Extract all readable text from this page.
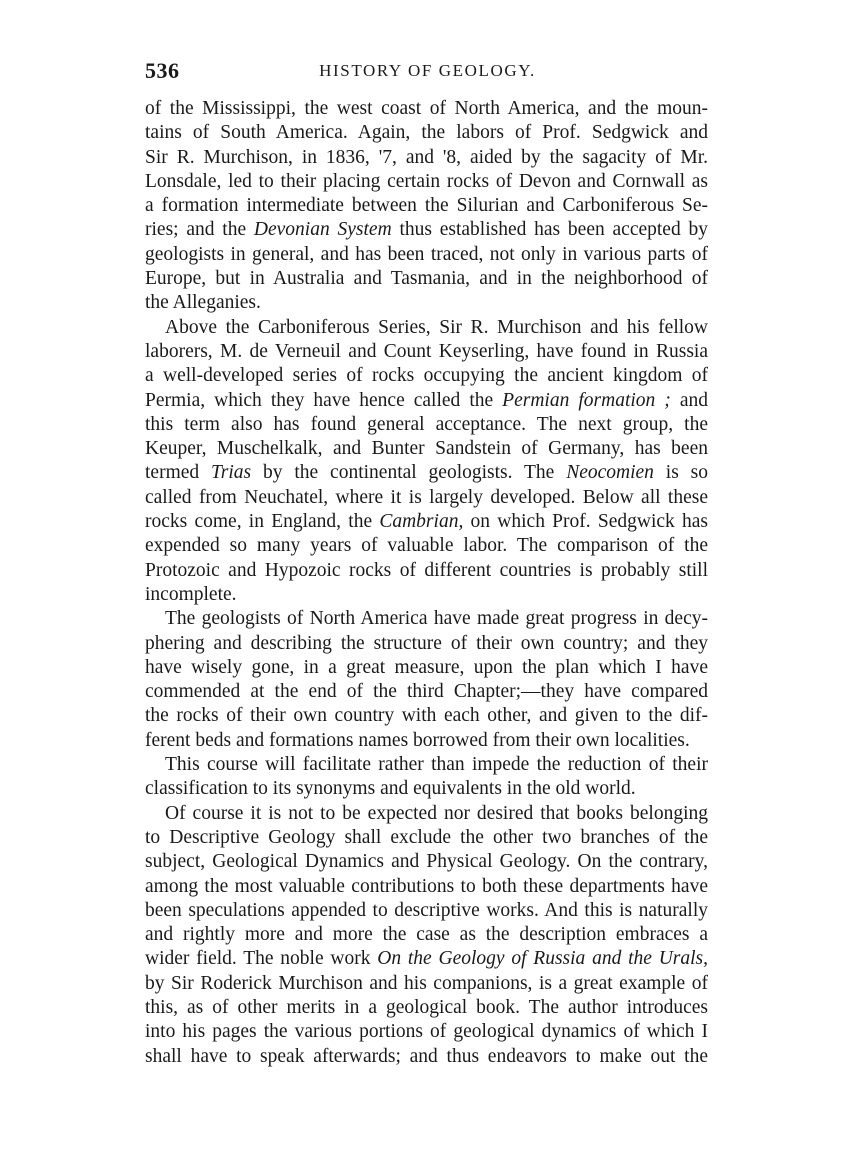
536	HISTORY OF GEOLOGY.
of the Mississippi, the west coast of North America, and the moun-
tains of South America. Again, the labors of Prof. Sedgwick and
Sir R. Murchison, in 1836, '7, and '8, aided by the sagacity of Mr.
Lonsdale, led to their placing certain rocks of Devon and Cornwall as
a formation intermediate between the Silurian and Carboniferous Se-
ries; and the Devonian System thus established has been accepted by
geologists in general, and has been traced, not only in various parts of
Europe, but in Australia and Tasmania, and in the neighborhood of
the Alleganies.
Above the Carboniferous Series, Sir R. Murchison and his fellow
laborers, M. de Verneuil and Count Keyserling, have found in Russia
a well-developed series of rocks occupying the ancient kingdom of
Permia, which they have hence called the Permian formation ; and
this term also has found general acceptance. The next group, the
Keuper, Muschelkalk, and Bunter Sandstein of Germany, has been
termed Trias by the continental geologists. The Neocomien is so
called from Neuchatel, where it is largely developed. Below all these
rocks come, in England, the Cambrian, on which Prof. Sedgwick has
expended so many years of valuable labor. The comparison of the
Protozoic and Hypozoic rocks of different countries is probably still
incomplete.
The geologists of North America have made great progress in decy-
phering and describing the structure of their own country; and they
have wisely gone, in a great measure, upon the plan which I have
commended at the end of the third Chapter;—they have compared
the rocks of their own country with each other, and given to the dif-
ferent beds and formations names borrowed from their own localities.
This course will facilitate rather than impede the reduction of their
classification to its synonyms and equivalents in the old world.
Of course it is not to be expected nor desired that books belonging
to Descriptive Geology shall exclude the other two branches of the
subject, Geological Dynamics and Physical Geology. On the contrary,
among the most valuable contributions to both these departments have
been speculations appended to descriptive works. And this is naturally
and rightly more and more the case as the description embraces a
wider field. The noble work On the Geology of Russia and the Urals,
by Sir Roderick Murchison and his companions, is a great example of
this, as of other merits in a geological book. The author introduces
into his pages the various portions of geological dynamics of which I
shall have to speak afterwards; and thus endeavors to make out the
